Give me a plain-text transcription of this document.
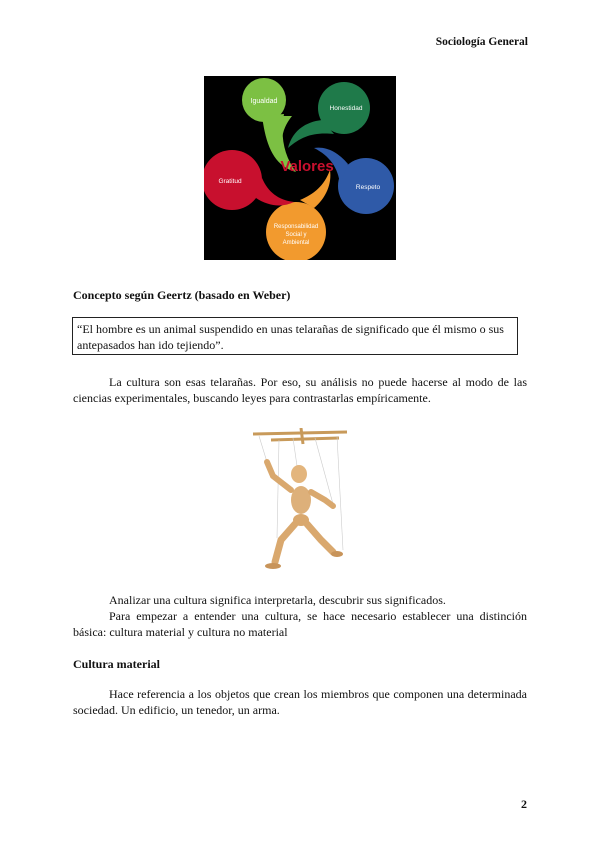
Sociología General
Igualdad
Honestidad
Respeto
Responsabilidad
Social y
Ambiental
Gratitud
Valores
Concepto según Geertz (basado en Weber)
“El hombre es un animal suspendido en unas telarañas de significado que él mismo o sus antepasados han ido tejiendo”.
La cultura son esas telarañas. Por eso, su análisis no puede hacerse al modo de las ciencias experimentales, buscando leyes para contrastarlas empíricamente.
Analizar una cultura significa interpretarla, descubrir sus significados.
Para empezar a entender una cultura, se hace necesario establecer una distinción básica: cultura material y cultura no material
Cultura material
Hace referencia a los objetos que crean los miembros que componen una determinada sociedad. Un edificio, un tenedor, un arma.
2
